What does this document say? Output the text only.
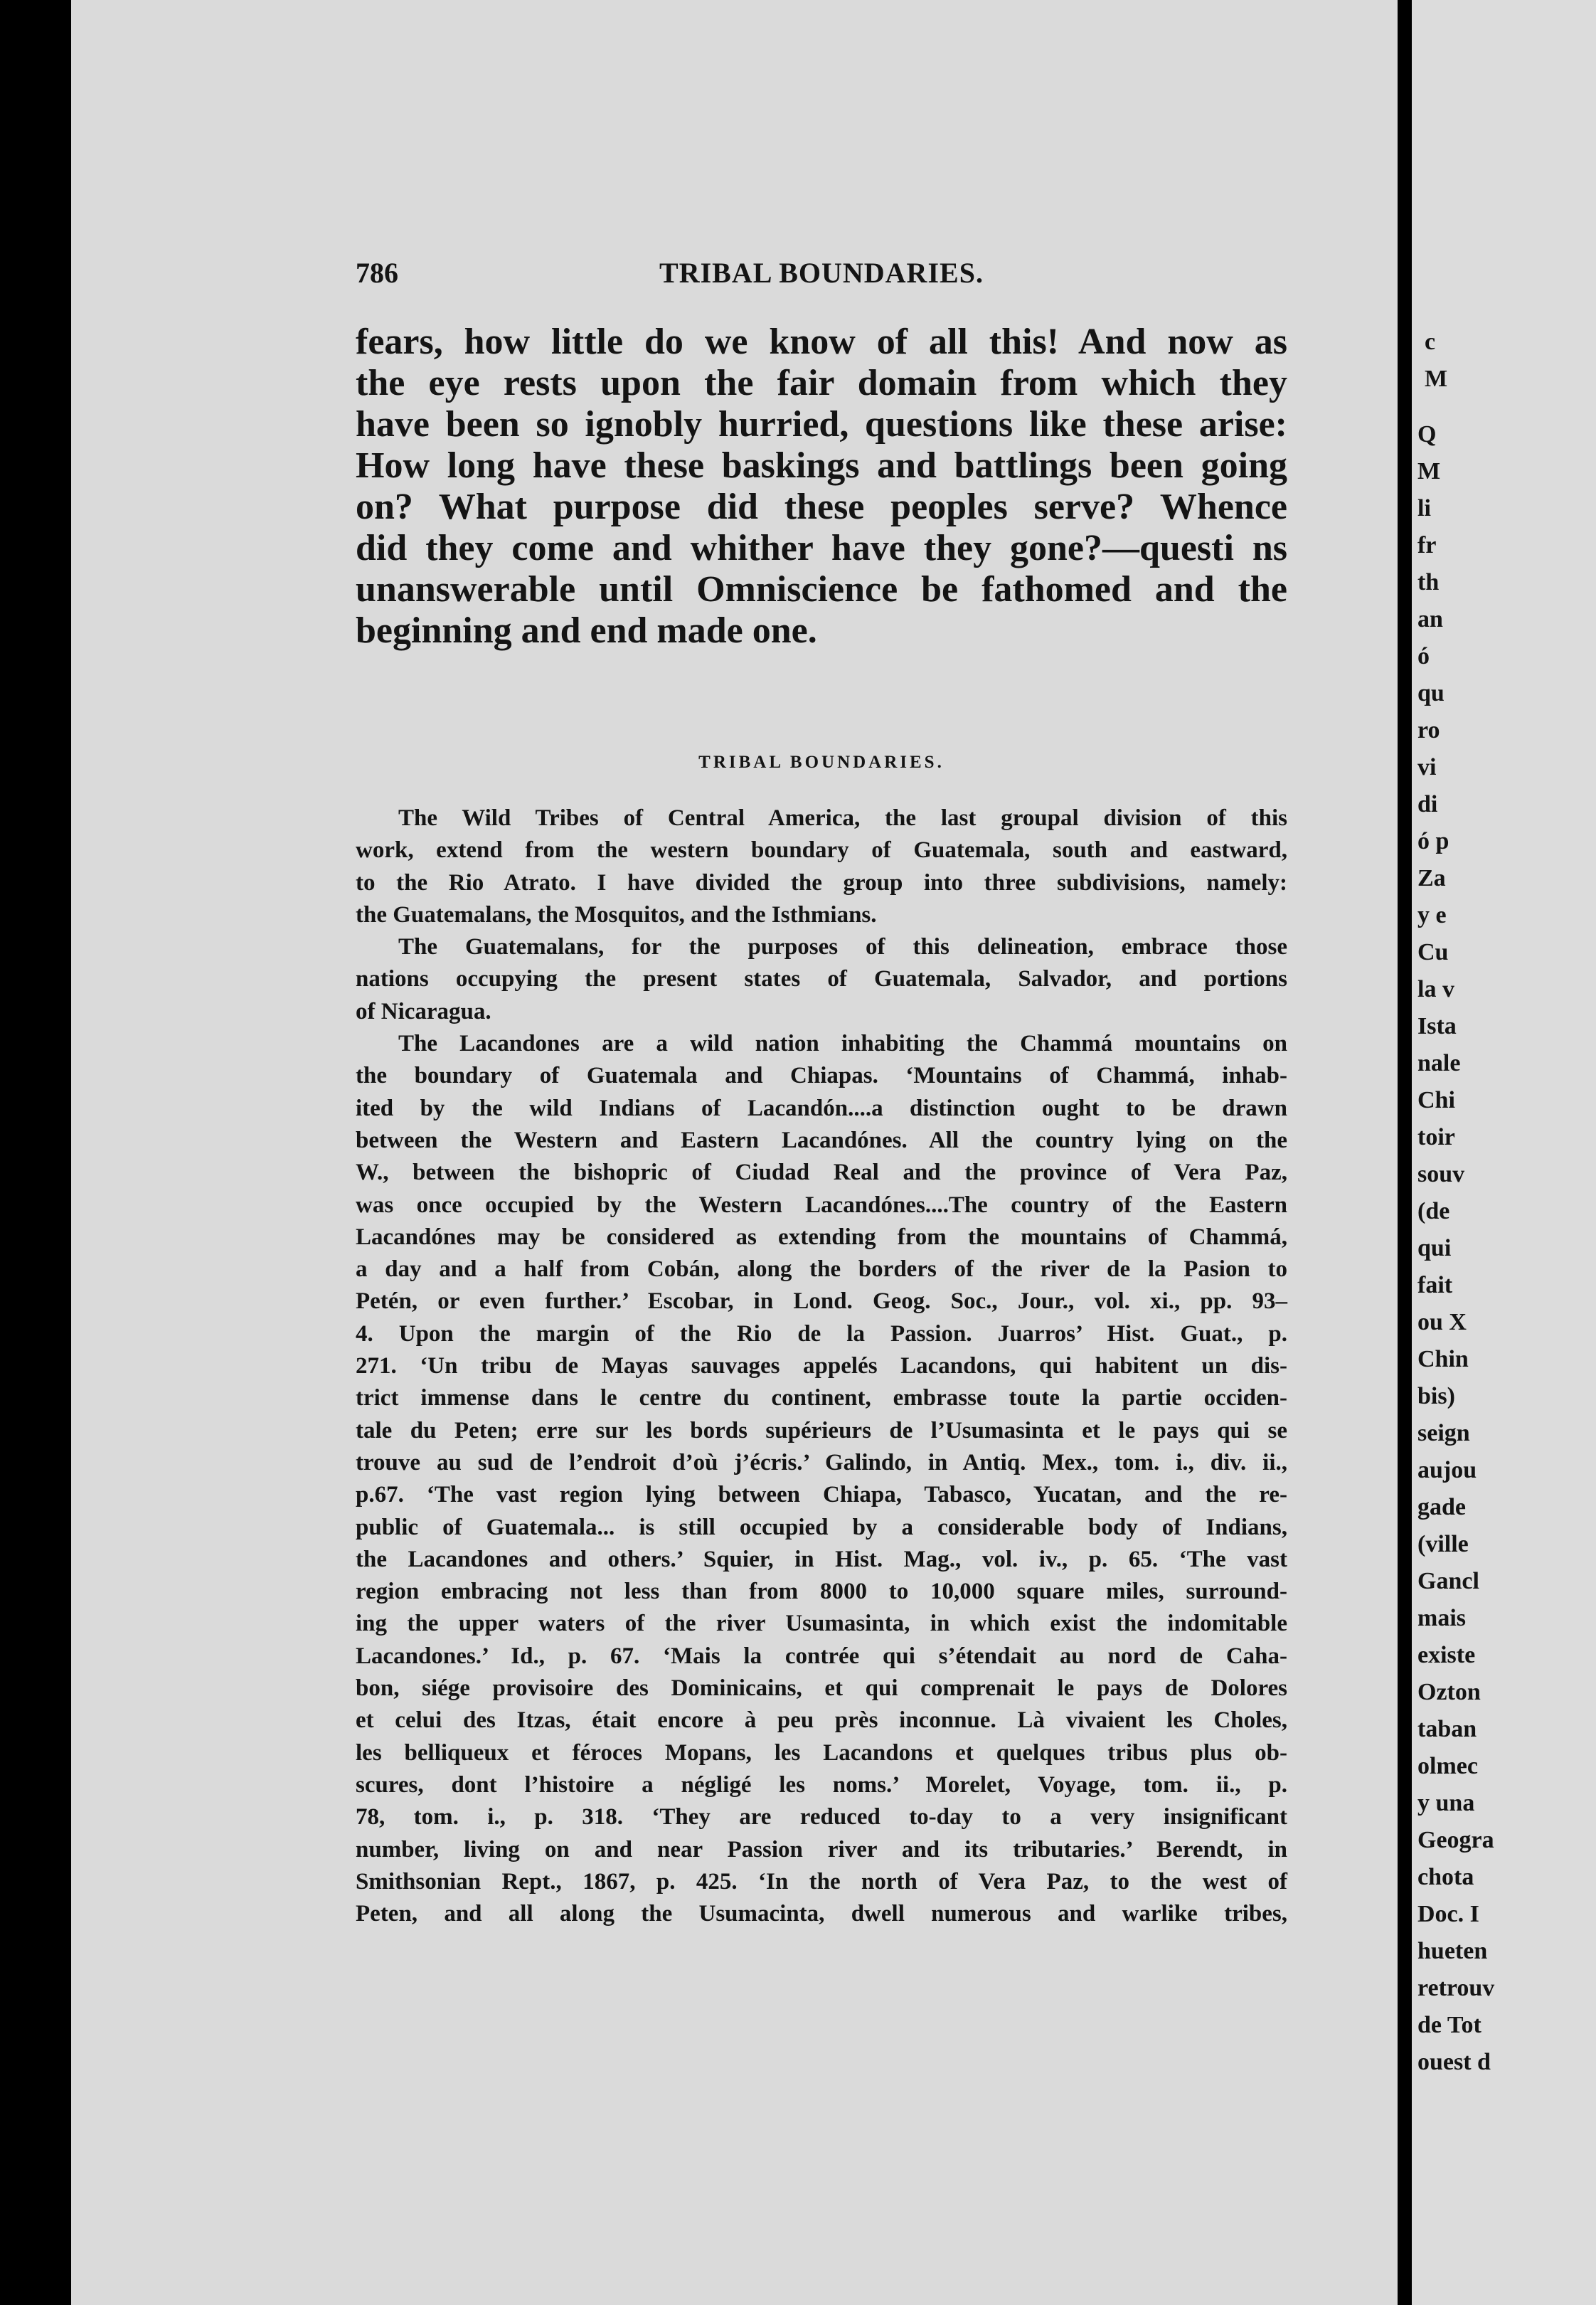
c
M
Q
M
li
fr
th
an
ó
qu
ro
vi
di
ó p
Za
y e
Cu
la v
Ista
nale
Chi
toir
souv
(de
qui
fait
ou X
Chin
bis)
seign
aujou
gade
(ville
Gancl
mais
existe
Ozton
taban
olmec
y una
Geogra
chota
Doc. I
hueten
retrouv
de Tot
ouest d
786	TRIBAL BOUNDARIES.
fears, how little do we know of all this! And now as
the eye rests upon the fair domain from which they
have been so ignobly hurried, questions like these arise:
How long have these baskings and battlings been going
on? What purpose did these peoples serve? Whence
did they come and whither have they gone?—questi ns
unanswerable until Omniscience be fathomed and the
beginning and end made one.
TRIBAL BOUNDARIES.
The Wild Tribes of Central America, the last groupal division of this
work, extend from the western boundary of Guatemala, south and eastward,
to the Rio Atrato. I have divided the group into three subdivisions, namely:
the Guatemalans, the Mosquitos, and the Isthmians.
The Guatemalans, for the purposes of this delineation, embrace those
nations occupying the present states of Guatemala, Salvador, and portions
of Nicaragua.
The Lacandones are a wild nation inhabiting the Chammá mountains on
the boundary of Guatemala and Chiapas. ‘Mountains of Chammá, inhab-
ited by the wild Indians of Lacandón....a distinction ought to be drawn
between the Western and Eastern Lacandónes. All the country lying on the
W., between the bishopric of Ciudad Real and the province of Vera Paz,
was once occupied by the Western Lacandónes....The country of the Eastern
Lacandónes may be considered as extending from the mountains of Chammá,
a day and a half from Cobán, along the borders of the river de la Pasion to
Petén, or even further.’ Escobar, in Lond. Geog. Soc., Jour., vol. xi., pp. 93–
4. Upon the margin of the Rio de la Passion. Juarros’ Hist. Guat., p.
271. ‘Un tribu de Mayas sauvages appelés Lacandons, qui habitent un dis-
trict immense dans le centre du continent, embrasse toute la partie occiden-
tale du Peten; erre sur les bords supérieurs de l’Usumasinta et le pays qui se
trouve au sud de l’endroit d’où j’écris.’ Galindo, in Antiq. Mex., tom. i., div. ii.,
p.67. ‘The vast region lying between Chiapa, Tabasco, Yucatan, and the re-
public of Guatemala... is still occupied by a considerable body of Indians,
the Lacandones and others.’ Squier, in Hist. Mag., vol. iv., p. 65. ‘The vast
region embracing not less than from 8000 to 10,000 square miles, surround-
ing the upper waters of the river Usumasinta, in which exist the indomitable
Lacandones.’ Id., p. 67. ‘Mais la contrée qui s’étendait au nord de Caha-
bon, siége provisoire des Dominicains, et qui comprenait le pays de Dolores
et celui des Itzas, était encore à peu près inconnue. Là vivaient les Choles,
les belliqueux et féroces Mopans, les Lacandons et quelques tribus plus ob-
scures, dont l’histoire a négligé les noms.’ Morelet, Voyage, tom. ii., p.
78, tom. i., p. 318. ‘They are reduced to-day to a very insignificant
number, living on and near Passion river and its tributaries.’ Berendt, in
Smithsonian Rept., 1867, p. 425. ‘In the north of Vera Paz, to the west of
Peten, and all along the Usumacinta, dwell numerous and warlike tribes,
